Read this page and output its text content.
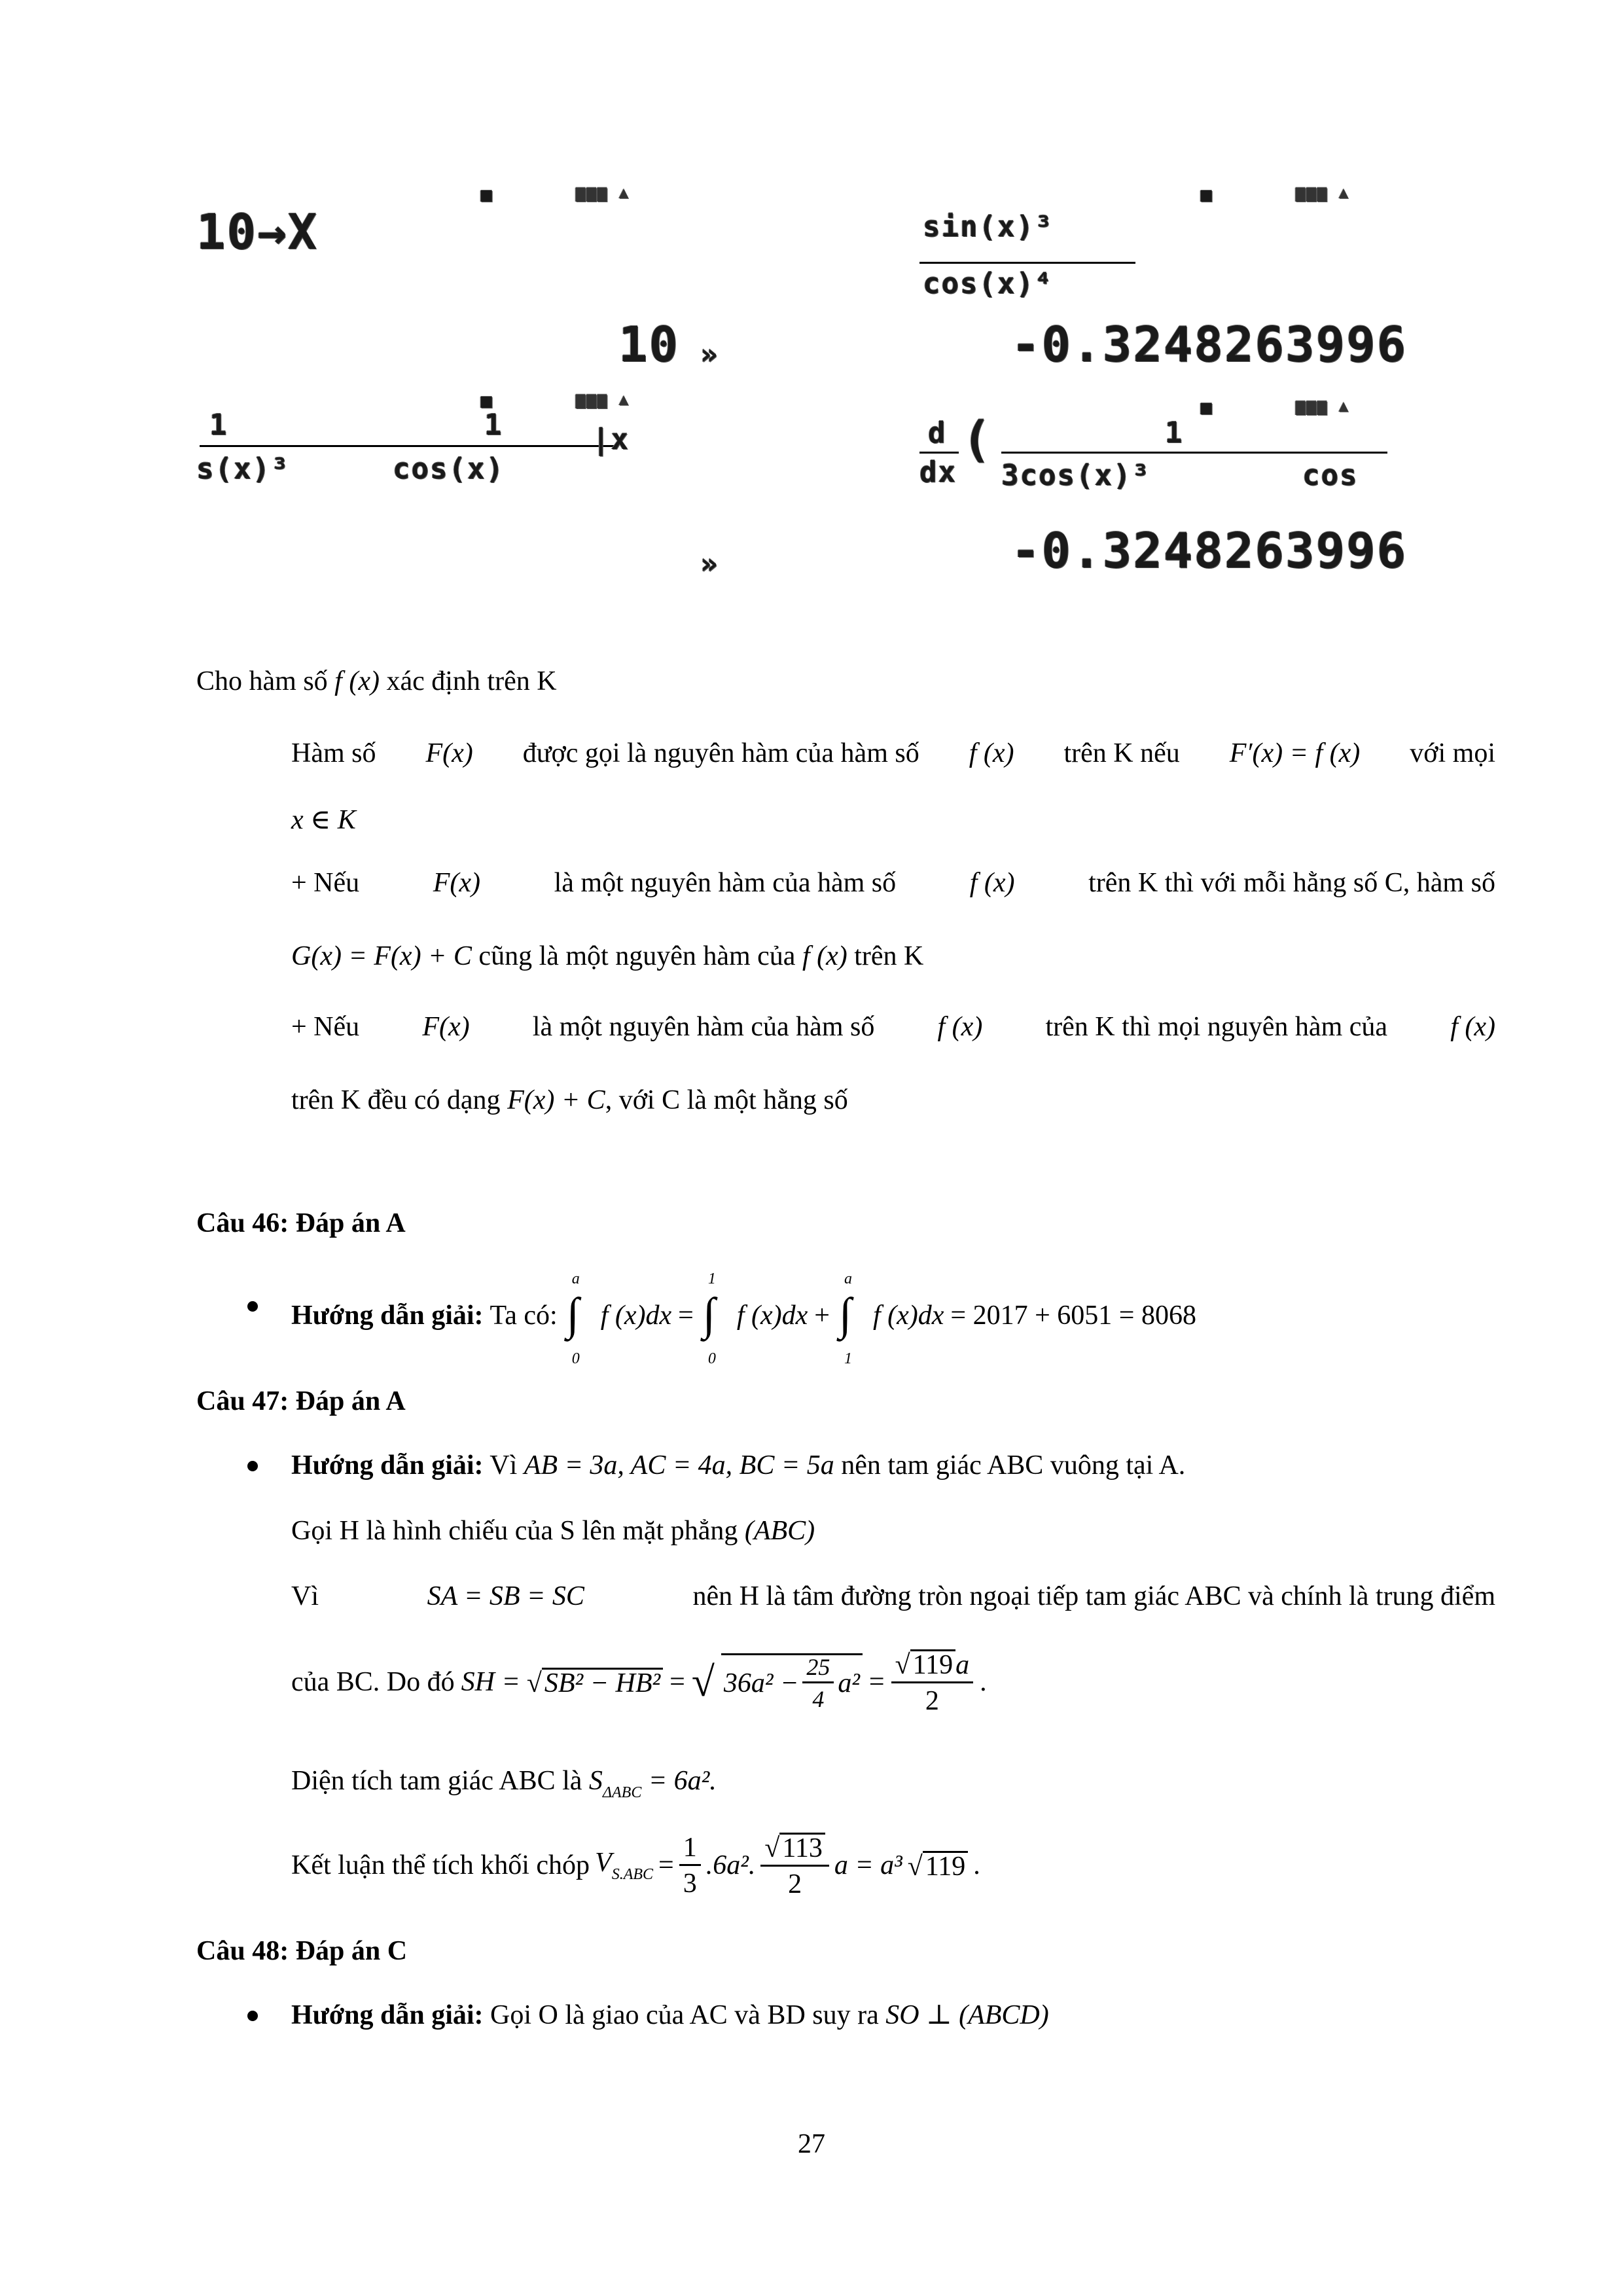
▪	▆▆▆ ▲
10→X
10 »
▪	▆▆▆ ▲
1	1
s(x)³	cos(x)
|x
»
▪	▆▆▆ ▲
sin(x)³
cos(x)⁴
-0.3248263996
▪	▆▆▆ ▲
d
dx
(	1
3cos(x)³	cos
-0.3248263996
Cho hàm số f (x) xác định trên K
Hàm số F(x) được gọi là nguyên hàm của hàm số f (x) trên K nếu F′(x) = f (x) với mọi
x ∈ K
+ Nếu	F(x)	là một nguyên hàm của hàm số	f (x)	trên K thì với mỗi hằng số C, hàm số
G(x) = F(x) + C cũng là một nguyên hàm của f (x) trên K
+ Nếu F(x) là một nguyên hàm của hàm số f (x) trên K thì mọi nguyên hàm của f (x)
trên K đều có dạng F(x) + C, với C là một hằng số
Câu 46: Đáp án A
Hướng dẫn giải: Ta có:
a
∫
0
f (x)dx =
1
∫
0
f (x)dx +
a
∫
1
f (x)dx = 2017 + 6051 = 8068
Câu 47: Đáp án A
Hướng dẫn giải: Vì AB = 3a, AC = 4a, BC = 5a nên tam giác ABC vuông tại A.
Gọi H là hình chiếu của S lên mặt phẳng (ABC)
Vì	SA = SB = SC	nên H là tâm đường tròn ngoại tiếp tam giác ABC và chính là trung điểm
của BC. Do đó SH = √SB² − HB² = √ $36a^2 - \frac{25}{4} a^2 = \frac{√119a}{2}$ .
Diện tích tam giác ABC là $S_{\Delta ABC} = 6a^2$.
Kết luận thể tích khối chóp $V_{S.ABC} = \frac{1}{3} .6a^2$. $\frac{√113}{2}$ a = a³ √119 .
Câu 48: Đáp án C
Hướng dẫn giải: Gọi O là giao của AC và BD suy ra SO ⊥ (ABCD)
27
